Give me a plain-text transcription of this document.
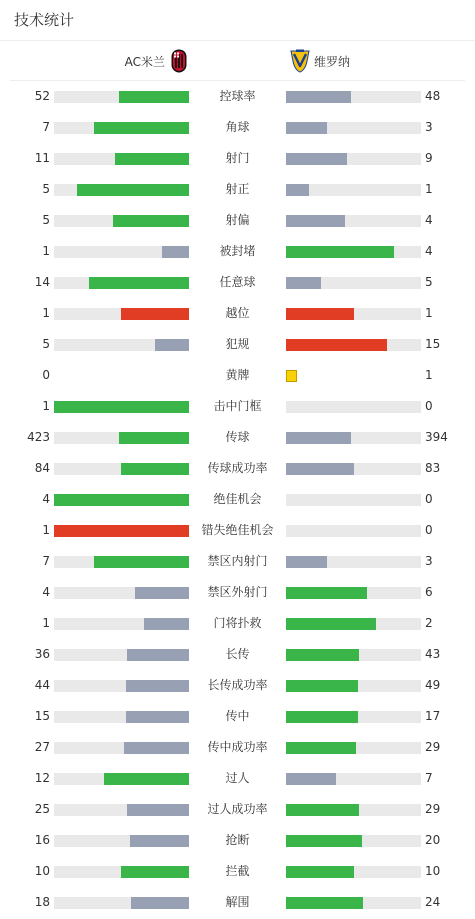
技术统计
AC米兰	维罗纳
52	控球率	48
7	角球	3
11	射门	9
5	射正	1
5	射偏	4
1	被封堵	4
14	任意球	5
1	越位	1
5	犯规	15
0	黄牌	1
1	击中门框	0
423	传球	394
84	传球成功率	83
4	绝佳机会	0
1	错失绝佳机会	0
7	禁区内射门	3
4	禁区外射门	6
1	门将扑救	2
36	长传	43
44	长传成功率	49
15	传中	17
27	传中成功率	29
12	过人	7
25	过人成功率	29
16	抢断	20
10	拦截	10
18	解围	24
